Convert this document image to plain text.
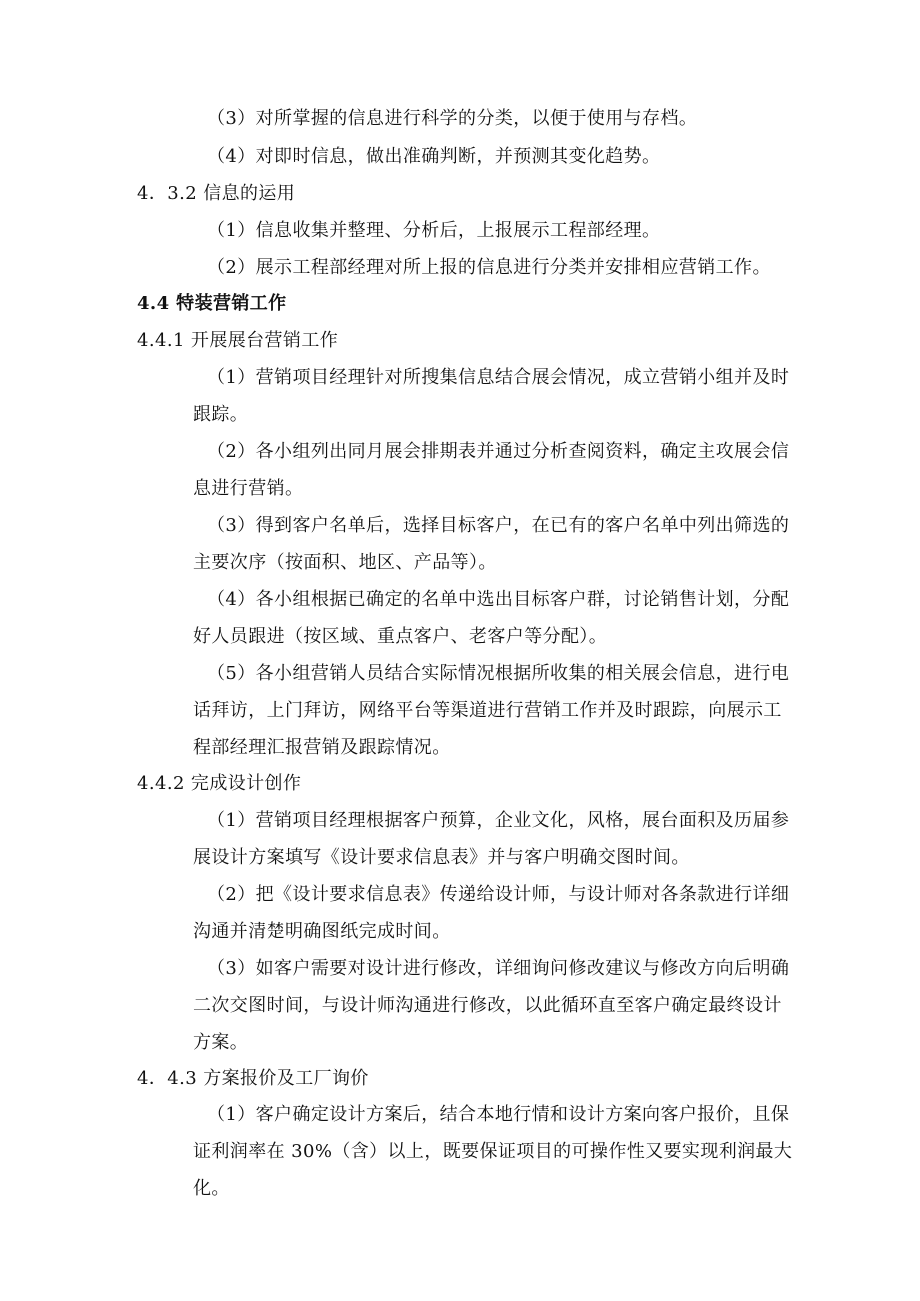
（3）对所掌握的信息进行科学的分类，以便于使用与存档。
（4）对即时信息，做出准确判断，并预测其变化趋势。
4．3.2 信息的运用
（1）信息收集并整理、分析后，上报展示工程部经理。
（2）展示工程部经理对所上报的信息进行分类并安排相应营销工作。
4.4 特装营销工作
4.4.1 开展展台营销工作
（1）营销项目经理针对所搜集信息结合展会情况，成立营销小组并及时
跟踪。
（2）各小组列出同月展会排期表并通过分析查阅资料，确定主攻展会信
息进行营销。
（3）得到客户名单后，选择目标客户，在已有的客户名单中列出筛选的
主要次序（按面积、地区、产品等）。
（4）各小组根据已确定的名单中选出目标客户群，讨论销售计划，分配
好人员跟进（按区域、重点客户、老客户等分配）。
（5）各小组营销人员结合实际情况根据所收集的相关展会信息，进行电
话拜访，上门拜访，网络平台等渠道进行营销工作并及时跟踪，向展示工
程部经理汇报营销及跟踪情况。
4.4.2 完成设计创作
（1）营销项目经理根据客户预算，企业文化，风格，展台面积及历届参
展设计方案填写《设计要求信息表》并与客户明确交图时间。
（2）把《设计要求信息表》传递给设计师，与设计师对各条款进行详细
沟通并清楚明确图纸完成时间。
（3）如客户需要对设计进行修改，详细询问修改建议与修改方向后明确
二次交图时间，与设计师沟通进行修改，以此循环直至客户确定最终设计
方案。
4．4.3 方案报价及工厂询价
（1）客户确定设计方案后，结合本地行情和设计方案向客户报价，且保
证利润率在 30%（含）以上，既要保证项目的可操作性又要实现利润最大
化。
